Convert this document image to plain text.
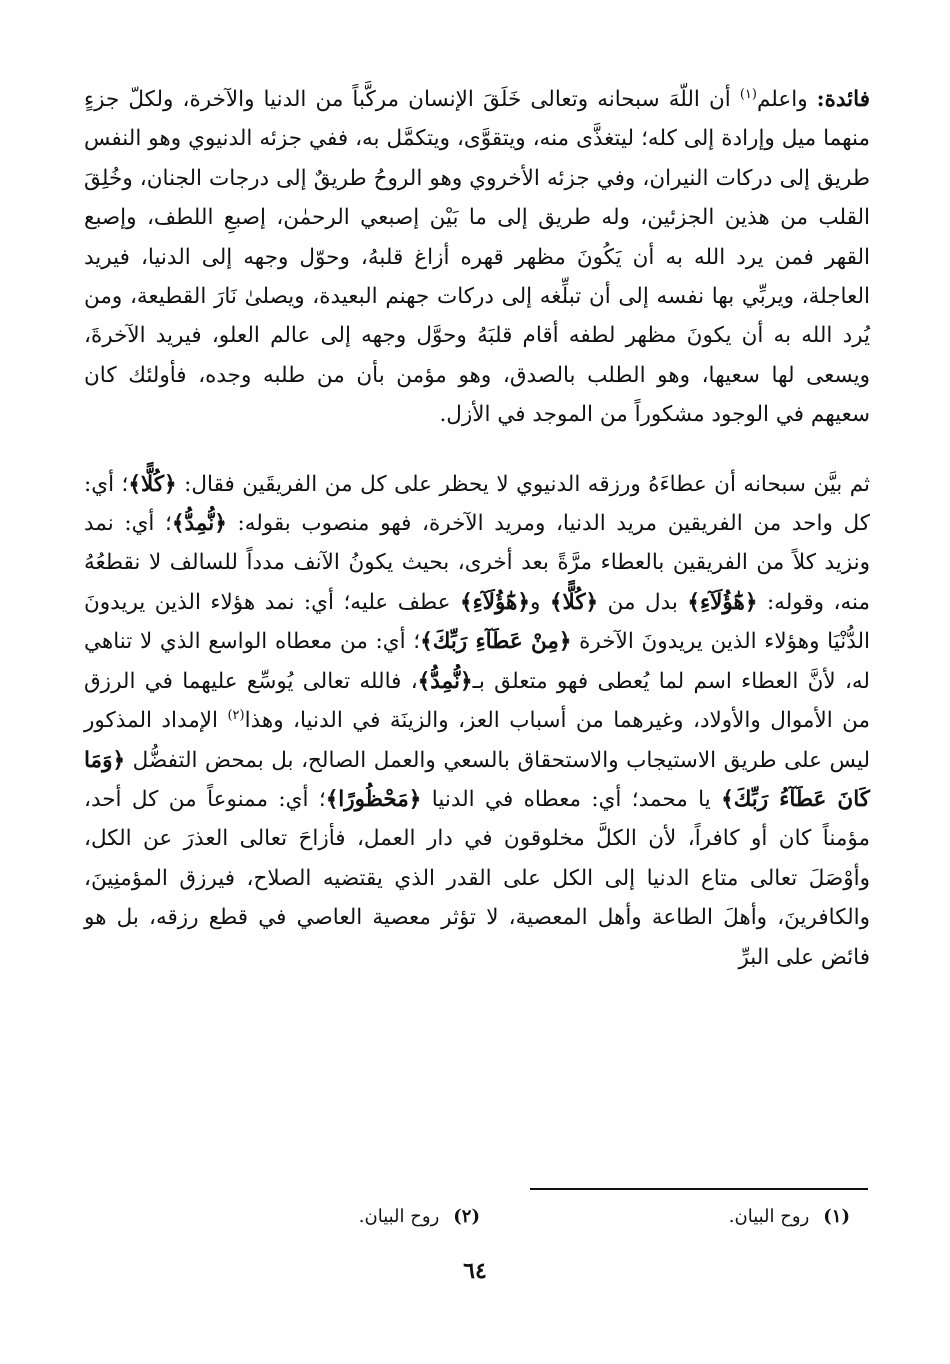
فائدة: واعلم$^{(١)}$ أن اللّهَ سبحانه وتعالى خَلَقَ الإنسان مركَّباً من الدنيا والآخرة، ولكلّ جزءٍ منهما ميل وإرادة إلى كله؛ ليتغذَّى منه، ويتقوَّى، ويتكمَّل به، ففي جزئه الدنيوي وهو النفس طريق إلى دركات النيران، وفي جزئه الأخروي وهو الروحُ طريقٌ إلى درجات الجنان، وخُلِقَ القلب من هذين الجزئين، وله طريق إلى ما بَيْن إصبعي الرحمٰن، إصبعِ اللطف، وإصبع القهر فمن يرد الله به أن يَكُونَ مظهر قهره أزاغ قلبهُ، وحوّل وجهه إلى الدنيا، فيريد العاجلة، ويربِّي بها نفسه إلى أن تبلِّغه إلى دركات جهنم البعيدة، ويصلىٰ نَارَ القطيعة، ومن يُرد الله به أن يكونَ مظهر لطفه أقام قلبَهُ وحوَّل وجهه إلى عالم العلو، فيريد الآخرةَ، ويسعى لها سعيها، وهو الطلب بالصدق، وهو مؤمن بأن من طلبه وجده، فأولئك كان سعيهم في الوجود مشكوراً من الموجد في الأزل.

ثم بيَّن سبحانه أن عطاءَهُ ورزقه الدنيوي لا يحظر على كل من الفريقَين فقال: ﴿كُلًّا﴾؛ أي: كل واحد من الفريقين مريد الدنيا، ومريد الآخرة، فهو منصوب بقوله: ﴿نُّمِدُّ﴾؛ أي: نمد ونزيد كلاً من الفريقين بالعطاء مرَّةً بعد أخرى، بحيث يكونُ الآنف مدداً للسالف لا نقطعُهُ منه، وقوله: ﴿هَٰٓؤُلَآءِ﴾ بدل من ﴿كُلًّا﴾ و﴿هَٰٓؤُلَآءِ﴾ عطف عليه؛ أي: نمد هؤلاء الذين يريدونَ الدُّنْيَا وهؤلاء الذين يريدونَ الآخرة ﴿مِنْ عَطَآءِ رَبِّكَ﴾؛ أي: من معطاه الواسع الذي لا تناهي له، لأنَّ العطاء اسم لما يُعطى فهو متعلق بـ﴿نُّمِدُّ﴾، فالله تعالى يُوسِّع عليهما في الرزق من الأموال والأولاد، وغيرهما من أسباب العز، والزينَة في الدنيا، وهذا$^{(٢)}$ الإمداد المذكور ليس على طريق الاستيجاب والاستحقاق بالسعي والعمل الصالح، بل بمحض التفضُّل ﴿وَمَا كَانَ عَطَآءُ رَبِّكَ﴾ يا محمد؛ أي: معطاه في الدنيا ﴿مَحْظُورًا﴾؛ أي: ممنوعاً من كل أحد، مؤمناً كان أو كافراً، لأن الكلَّ مخلوقون في دار العمل، فأزاحَ تعالى العذرَ عن الكل، وأوْصَلَ تعالى متاع الدنيا إلى الكل على القدر الذي يقتضيه الصلاح، فيرزق المؤمنِينَ، والكافرينَ، وأهلَ الطاعة وأهل المعصية، لا تؤثر معصية العاصي في قطع رزقه، بل هو فائض على البرِّ

(١)روح البيان.
(٢)روح البيان.
٦٤
